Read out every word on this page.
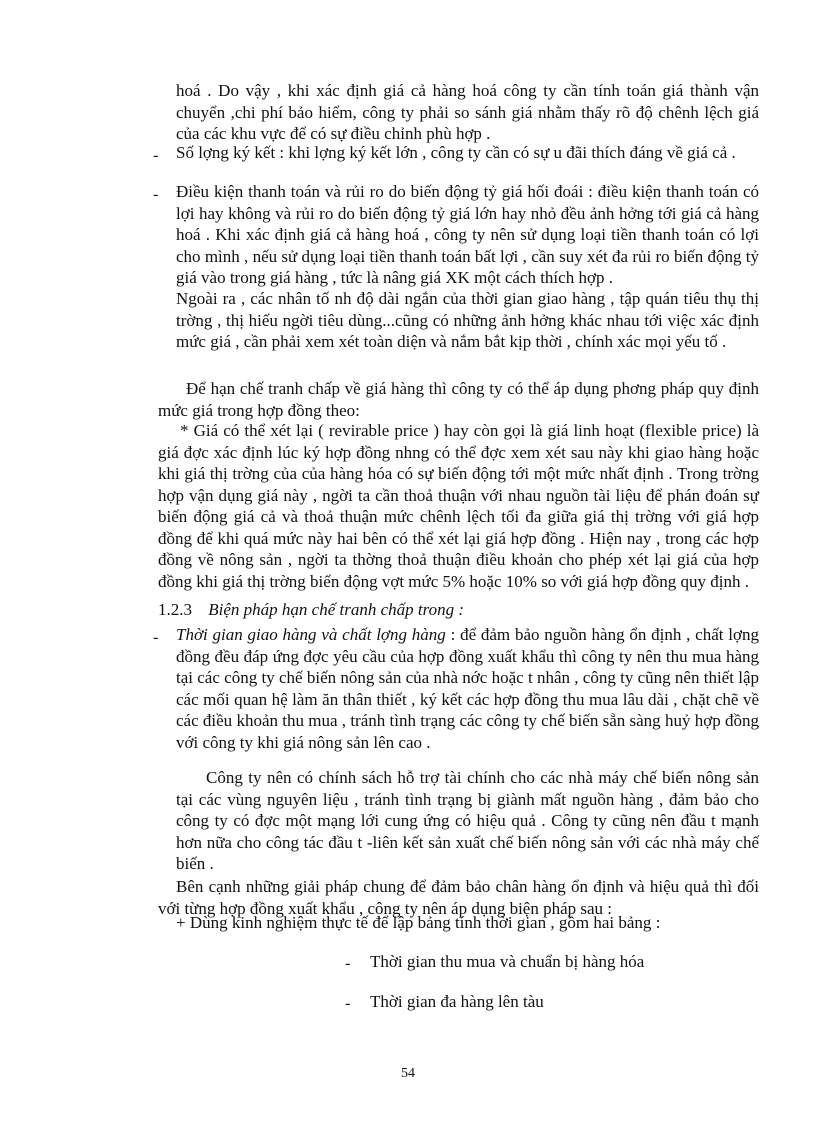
hoá . Do vậy , khi xác định giá cả hàng hoá công ty cần tính toán giá thành vận chuyển ,chi phí bảo hiểm, công ty phải so sánh giá nhằm thấy rõ độ chênh lệch giá của các khu vực để có sự điều chỉnh phù hợp .

- Số lợng ký kết : khi lợng ký kết lớn , công ty cần có sự u đãi thích đáng về giá cả .

- Điều kiện thanh toán và rủi ro do biến động tỷ giá hối đoái : điều kiện thanh toán có lợi hay không và rủi ro do biến động tỷ giá lớn hay nhỏ đều ảnh hởng tới giá cả hàng hoá . Khi xác định giá cả hàng hoá , công ty nên sử dụng loại tiền thanh toán có lợi cho mình , nếu sử dụng loại tiền thanh toán bất lợi , cần suy xét đa rủi ro biến động tỷ giá vào trong giá hàng , tức là nâng giá XK một cách thích hợp .

Ngoài ra , các nhân tố nh độ dài ngắn của thời gian giao hàng , tập quán tiêu thụ thị trờng , thị hiếu ngời tiêu dùng...cũng có những ảnh hởng khác nhau tới việc xác định mức giá , cần phải xem xét toàn diện và nắm bắt kịp thời , chính xác mọi yếu tố .

Để hạn chế tranh chấp về giá hàng thì công ty có thể áp dụng phơng pháp quy định mức giá trong hợp đồng theo:

* Giá có thể xét lại ( revirable price ) hay còn gọi là giá linh hoạt (flexible price) là giá đợc xác định lúc ký hợp đồng nhng có thể đợc xem xét sau này khi giao hàng hoặc khi giá thị trờng của của hàng hóa có sự biến động tới một mức nhất định . Trong trờng hợp vận dụng giá này , ngời ta cần thoả thuận với nhau nguồn tài liệu để phán đoán sự biến động giá cả và thoả thuận mức chênh lệch tối đa giữa giá thị trờng với giá hợp đồng để khi quá mức này hai bên có thể xét lại giá hợp đồng . Hiện nay , trong các hợp đồng về nông sản , ngời ta thờng thoả thuận điều khoản cho phép xét lại giá của hợp đồng khi giá thị trờng biến động vợt mức 5% hoặc 10% so với giá hợp đồng quy định .

1.2.3 Biện pháp hạn chế tranh chấp trong :
- Thời gian giao hàng và chất lợng hàng : để đảm bảo nguồn hàng ổn định , chất lợng đồng đều đáp ứng đợc yêu cầu của hợp đồng xuất khẩu thì công ty nên thu mua hàng tại các công ty chế biến nông sản của nhà nớc hoặc t nhân , công ty cũng nên thiết lập các mối quan hệ làm ăn thân thiết , ký kết các hợp đồng thu mua lâu dài , chặt chẽ về các điều khoản thu mua , tránh tình trạng các công ty chế biến sẵn sàng huỷ hợp đồng với công ty khi giá nông sản lên cao .

Công ty nên có chính sách hỗ trợ tài chính cho các nhà máy chế biến nông sản tại các vùng nguyên liệu , tránh tình trạng bị giành mất nguồn hàng , đảm bảo cho công ty có đợc một mạng lới cung ứng có hiệu quả . Công ty cũng nên đầu t mạnh hơn nữa cho công tác đầu t -liên kết sản xuất chế biến nông sản với các nhà máy chế biến .

Bên cạnh những giải pháp chung để đảm bảo chân hàng ổn định và hiệu quả thì đối với từng hợp đồng xuất khẩu , công ty nên áp dụng biện pháp sau :

+ Dùng kinh nghiệm thực tế để lập bảng tính thời gian , gồm hai bảng :

- Thời gian thu mua và chuẩn bị hàng hóa

- Thời gian đa hàng lên tàu

54
